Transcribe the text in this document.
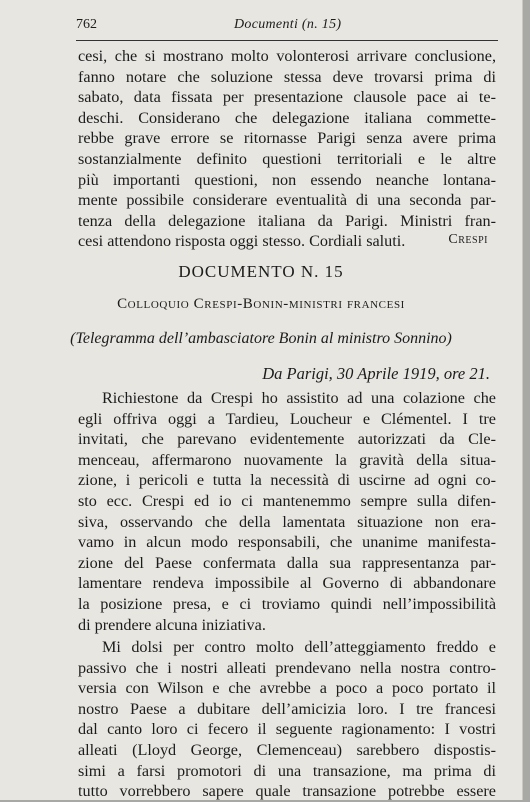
762	Documenti (n. 15)
cesi, che si mostrano molto volonterosi arrivare conclusione,
fanno notare che soluzione stessa deve trovarsi prima di
sabato, data fissata per presentazione clausole pace ai te-
deschi. Considerano che delegazione italiana commette-
rebbe grave errore se ritornasse Parigi senza avere prima
sostanzialmente definito questioni territoriali e le altre
più importanti questioni, non essendo neanche lontana-
mente possibile considerare eventualità di una seconda par-
tenza della delegazione italiana da Parigi. Ministri fran-
cesi attendono risposta oggi stesso. Cordiali saluti.	Crespi
DOCUMENTO N. 15
Colloquio Crespi-Bonin-ministri francesi
(Telegramma dell’ambasciatore Bonin al ministro Sonnino)
Da Parigi, 30 Aprile 1919, ore 21.
Richiestone da Crespi ho assistito ad una colazione che
egli offriva oggi a Tardieu, Loucheur e Clémentel. I tre
invitati, che parevano evidentemente autorizzati da Cle-
menceau, affermarono nuovamente la gravità della situa-
zione, i pericoli e tutta la necessità di uscirne ad ogni co-
sto ecc. Crespi ed io ci mantenemmo sempre sulla difen-
siva, osservando che della lamentata situazione non era-
vamo in alcun modo responsabili, che unanime manifesta-
zione del Paese confermata dalla sua rappresentanza par-
lamentare rendeva impossibile al Governo di abbandonare
la posizione presa, e ci troviamo quindi nell’impossibilità
di prendere alcuna iniziativa.
Mi dolsi per contro molto dell’atteggiamento freddo e
passivo che i nostri alleati prendevano nella nostra contro-
versia con Wilson e che avrebbe a poco a poco portato il
nostro Paese a dubitare dell’amicizia loro. I tre francesi
dal canto loro ci fecero il seguente ragionamento: I vostri
alleati (Lloyd George, Clemenceau) sarebbero dispostis-
simi a farsi promotori di una transazione, ma prima di
tutto vorrebbero sapere quale transazione potrebbe essere
